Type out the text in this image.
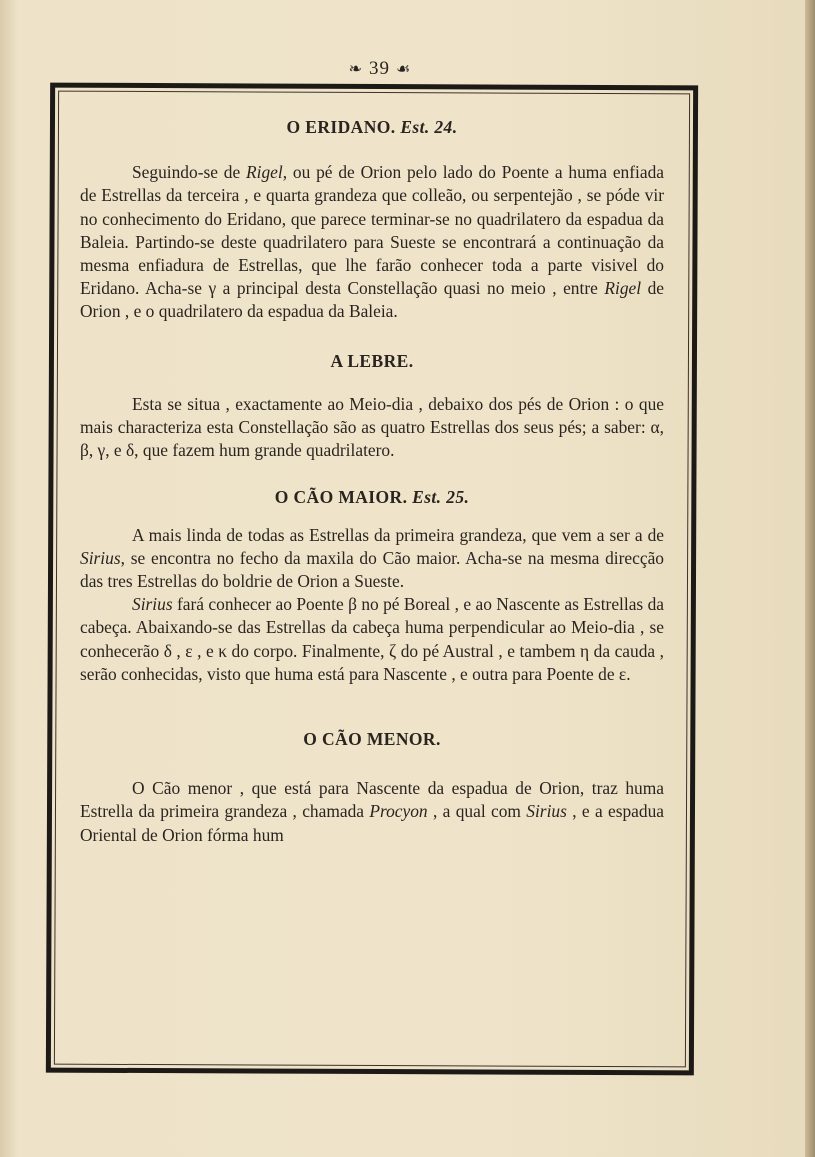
❧ 39 ☙
O ERIDANO. Est. 24.

Seguindo-se de Rigel, ou pé de Orion pelo lado do Poente a huma enfiada de Estrellas da terceira , e quarta grandeza que colleão, ou serpentejão , se póde vir no conhecimento do Eridano, que parece terminar-se no quadrilatero da espadua da Baleia. Partindo-se deste quadrilatero para Sueste se encontrará a continuação da mesma enfiadura de Estrellas, que lhe farão conhecer toda a parte visivel do Eridano. Acha-se γ a principal desta Constellação quasi no meio , entre Rigel de Orion , e o quadrilatero da espadua da Baleia.

A LEBRE.

Esta se situa , exactamente ao Meio-dia , debaixo dos pés de Orion : o que mais characteriza esta Constellação são as quatro Estrellas dos seus pés; a saber: α, β, γ, e δ, que fazem hum grande quadrilatero.

O CÃO MAIOR. Est. 25.

A mais linda de todas as Estrellas da primeira grandeza, que vem a ser a de Sirius, se encontra no fecho da maxila do Cão maior. Acha-se na mesma direcção das tres Estrellas do boldrie de Orion a Sueste.

Sirius fará conhecer ao Poente β no pé Boreal , e ao Nascente as Estrellas da cabeça. Abaixando-se das Estrellas da cabeça huma perpendicular ao Meio-dia , se conhecerão δ , ε , e κ do corpo. Finalmente, ζ do pé Austral , e tambem η da cauda , serão conhecidas, visto que huma está para Nascente , e outra para Poente de ε.

O CÃO MENOR.

O Cão menor , que está para Nascente da espadua de Orion, traz huma Estrella da primeira grandeza , chamada Procyon , a qual com Sirius , e a espadua Oriental de Orion fórma hum
